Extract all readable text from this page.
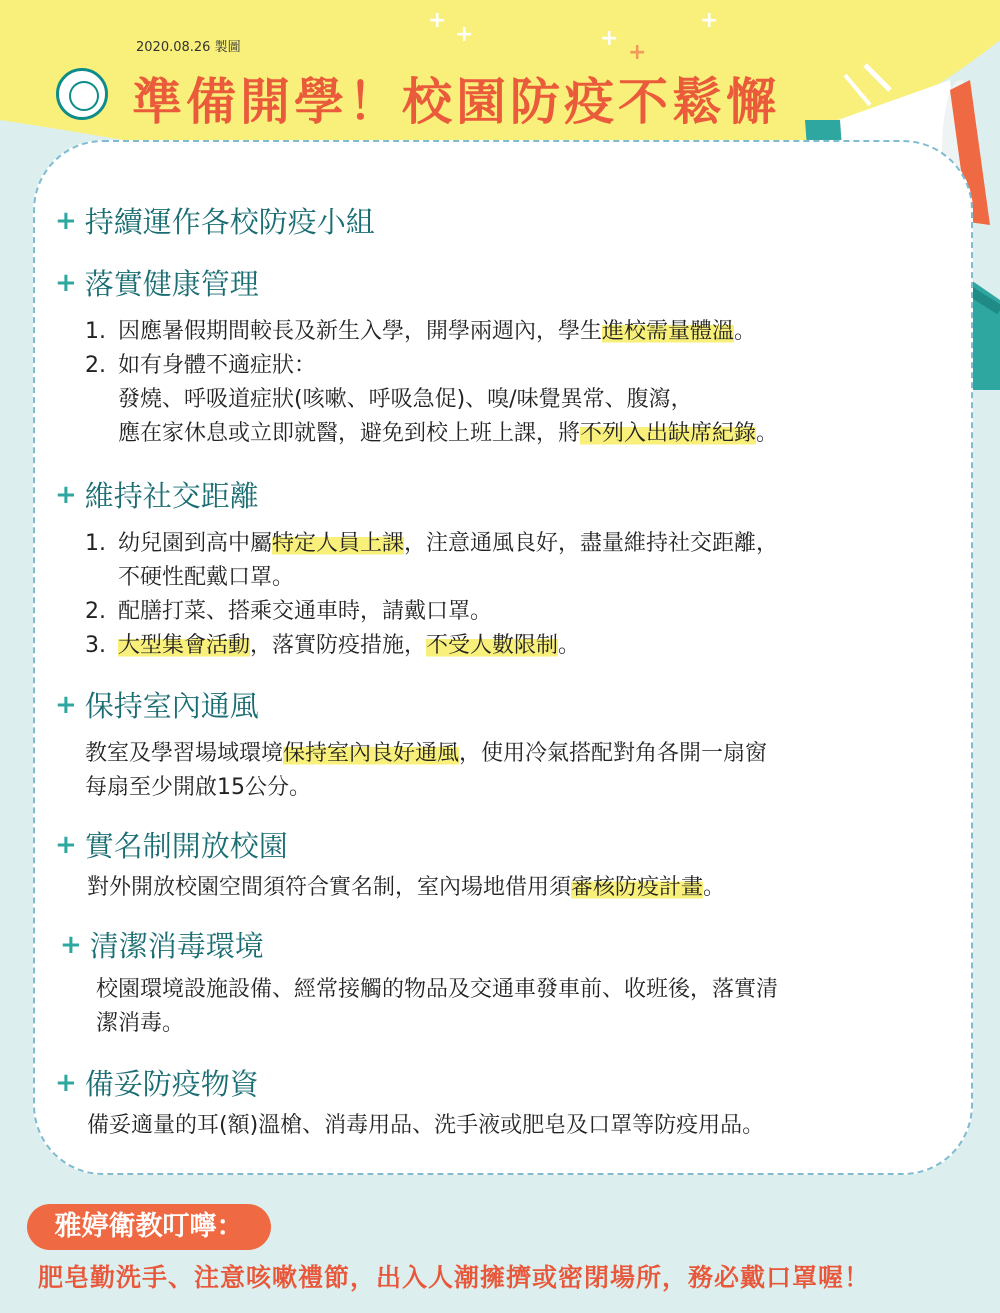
+
+	+
+
+
2020.08.26 製圖
準備開學！校園防疫不鬆懈
+ 持續運作各校防疫小組
+ 落實健康管理
1. 因應暑假期間較長及新生入學，開學兩週內，學生進校需量體溫。
2. 如有身體不適症狀：
發燒、呼吸道症狀(咳嗽、呼吸急促)、嗅/味覺異常、腹瀉，
應在家休息或立即就醫，避免到校上班上課，將不列入出缺席紀錄。
+ 維持社交距離
1. 幼兒園到高中屬特定人員上課，注意通風良好，盡量維持社交距離，
不硬性配戴口罩。
2. 配膳打菜、搭乘交通車時，請戴口罩。
3. 大型集會活動，落實防疫措施，不受人數限制。
+ 保持室內通風
教室及學習場域環境保持室內良好通風，使用冷氣搭配對角各開一扇窗
每扇至少開啟15公分。
+ 實名制開放校園
對外開放校園空間須符合實名制，室內場地借用須審核防疫計畫。
+ 清潔消毒環境
校園環境設施設備、經常接觸的物品及交通車發車前、收班後，落實清
潔消毒。
+ 備妥防疫物資
備妥適量的耳(額)溫槍、消毒用品、洗手液或肥皂及口罩等防疫用品。
雅婷衛教叮嚀：
肥皂勤洗手、注意咳嗽禮節，出入人潮擁擠或密閉場所，務必戴口罩喔！
